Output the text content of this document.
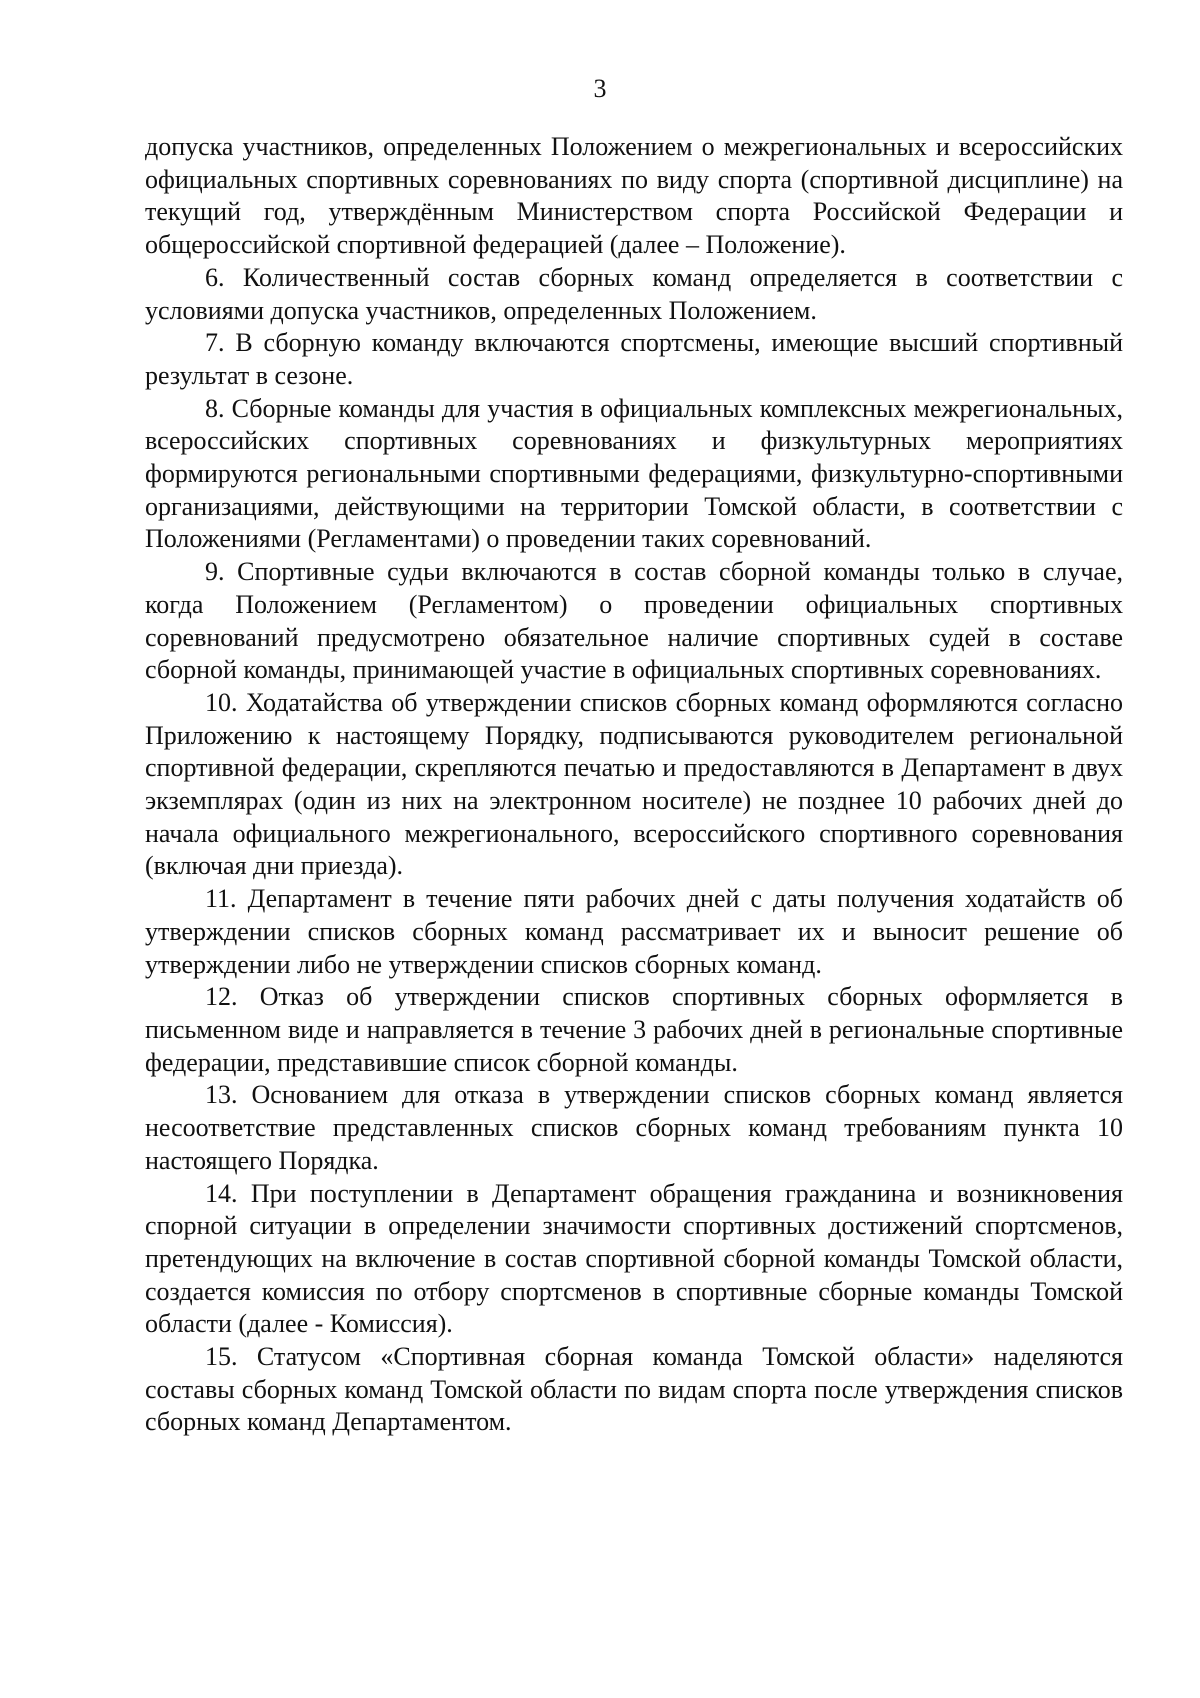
3

допуска участников, определенных Положением о межрегиональных и всероссийских официальных спортивных соревнованиях по виду спорта (спортивной дисциплине) на текущий год, утверждённым Министерством спорта Российской Федерации и общероссийской спортивной федерацией (далее – Положение).

6. Количественный состав сборных команд определяется в соответствии с условиями допуска участников, определенных Положением.

7. В сборную команду включаются спортсмены, имеющие высший спортивный результат в сезоне.

8. Сборные команды для участия в официальных комплексных межрегиональных, всероссийских спортивных соревнованиях и физкультурных мероприятиях формируются региональными спортивными федерациями, физкультурно-спортивными организациями, действующими на территории Томской области, в соответствии с Положениями (Регламентами) о проведении таких соревнований.

9. Спортивные судьи включаются в состав сборной команды только в случае, когда Положением (Регламентом) о проведении официальных спортивных соревнований предусмотрено обязательное наличие спортивных судей в составе сборной команды, принимающей участие в официальных спортивных соревнованиях.

10. Ходатайства об утверждении списков сборных команд оформляются согласно Приложению к настоящему Порядку, подписываются руководителем региональной спортивной федерации, скрепляются печатью и предоставляются в Департамент в двух экземплярах (один из них на электронном носителе) не позднее 10 рабочих дней до начала официального межрегионального, всероссийского спортивного соревнования (включая дни приезда).

11. Департамент в течение пяти рабочих дней с даты получения ходатайств об утверждении списков сборных команд рассматривает их и выносит решение об утверждении либо не утверждении списков сборных команд.

12. Отказ об утверждении списков спортивных сборных оформляется в письменном виде и направляется в течение 3 рабочих дней в региональные спортивные федерации, представившие список сборной команды.

13. Основанием для отказа в утверждении списков сборных команд является несоответствие представленных списков сборных команд требованиям пункта 10 настоящего Порядка.

14. При поступлении в Департамент обращения гражданина и возникновения спорной ситуации в определении значимости спортивных достижений спортсменов, претендующих на включение в состав спортивной сборной команды Томской области, создается комиссия по отбору спортсменов в спортивные сборные команды Томской области (далее - Комиссия).

15. Статусом «Спортивная сборная команда Томской области» наделяются составы сборных команд Томской области по видам спорта после утверждения списков сборных команд Департаментом.
